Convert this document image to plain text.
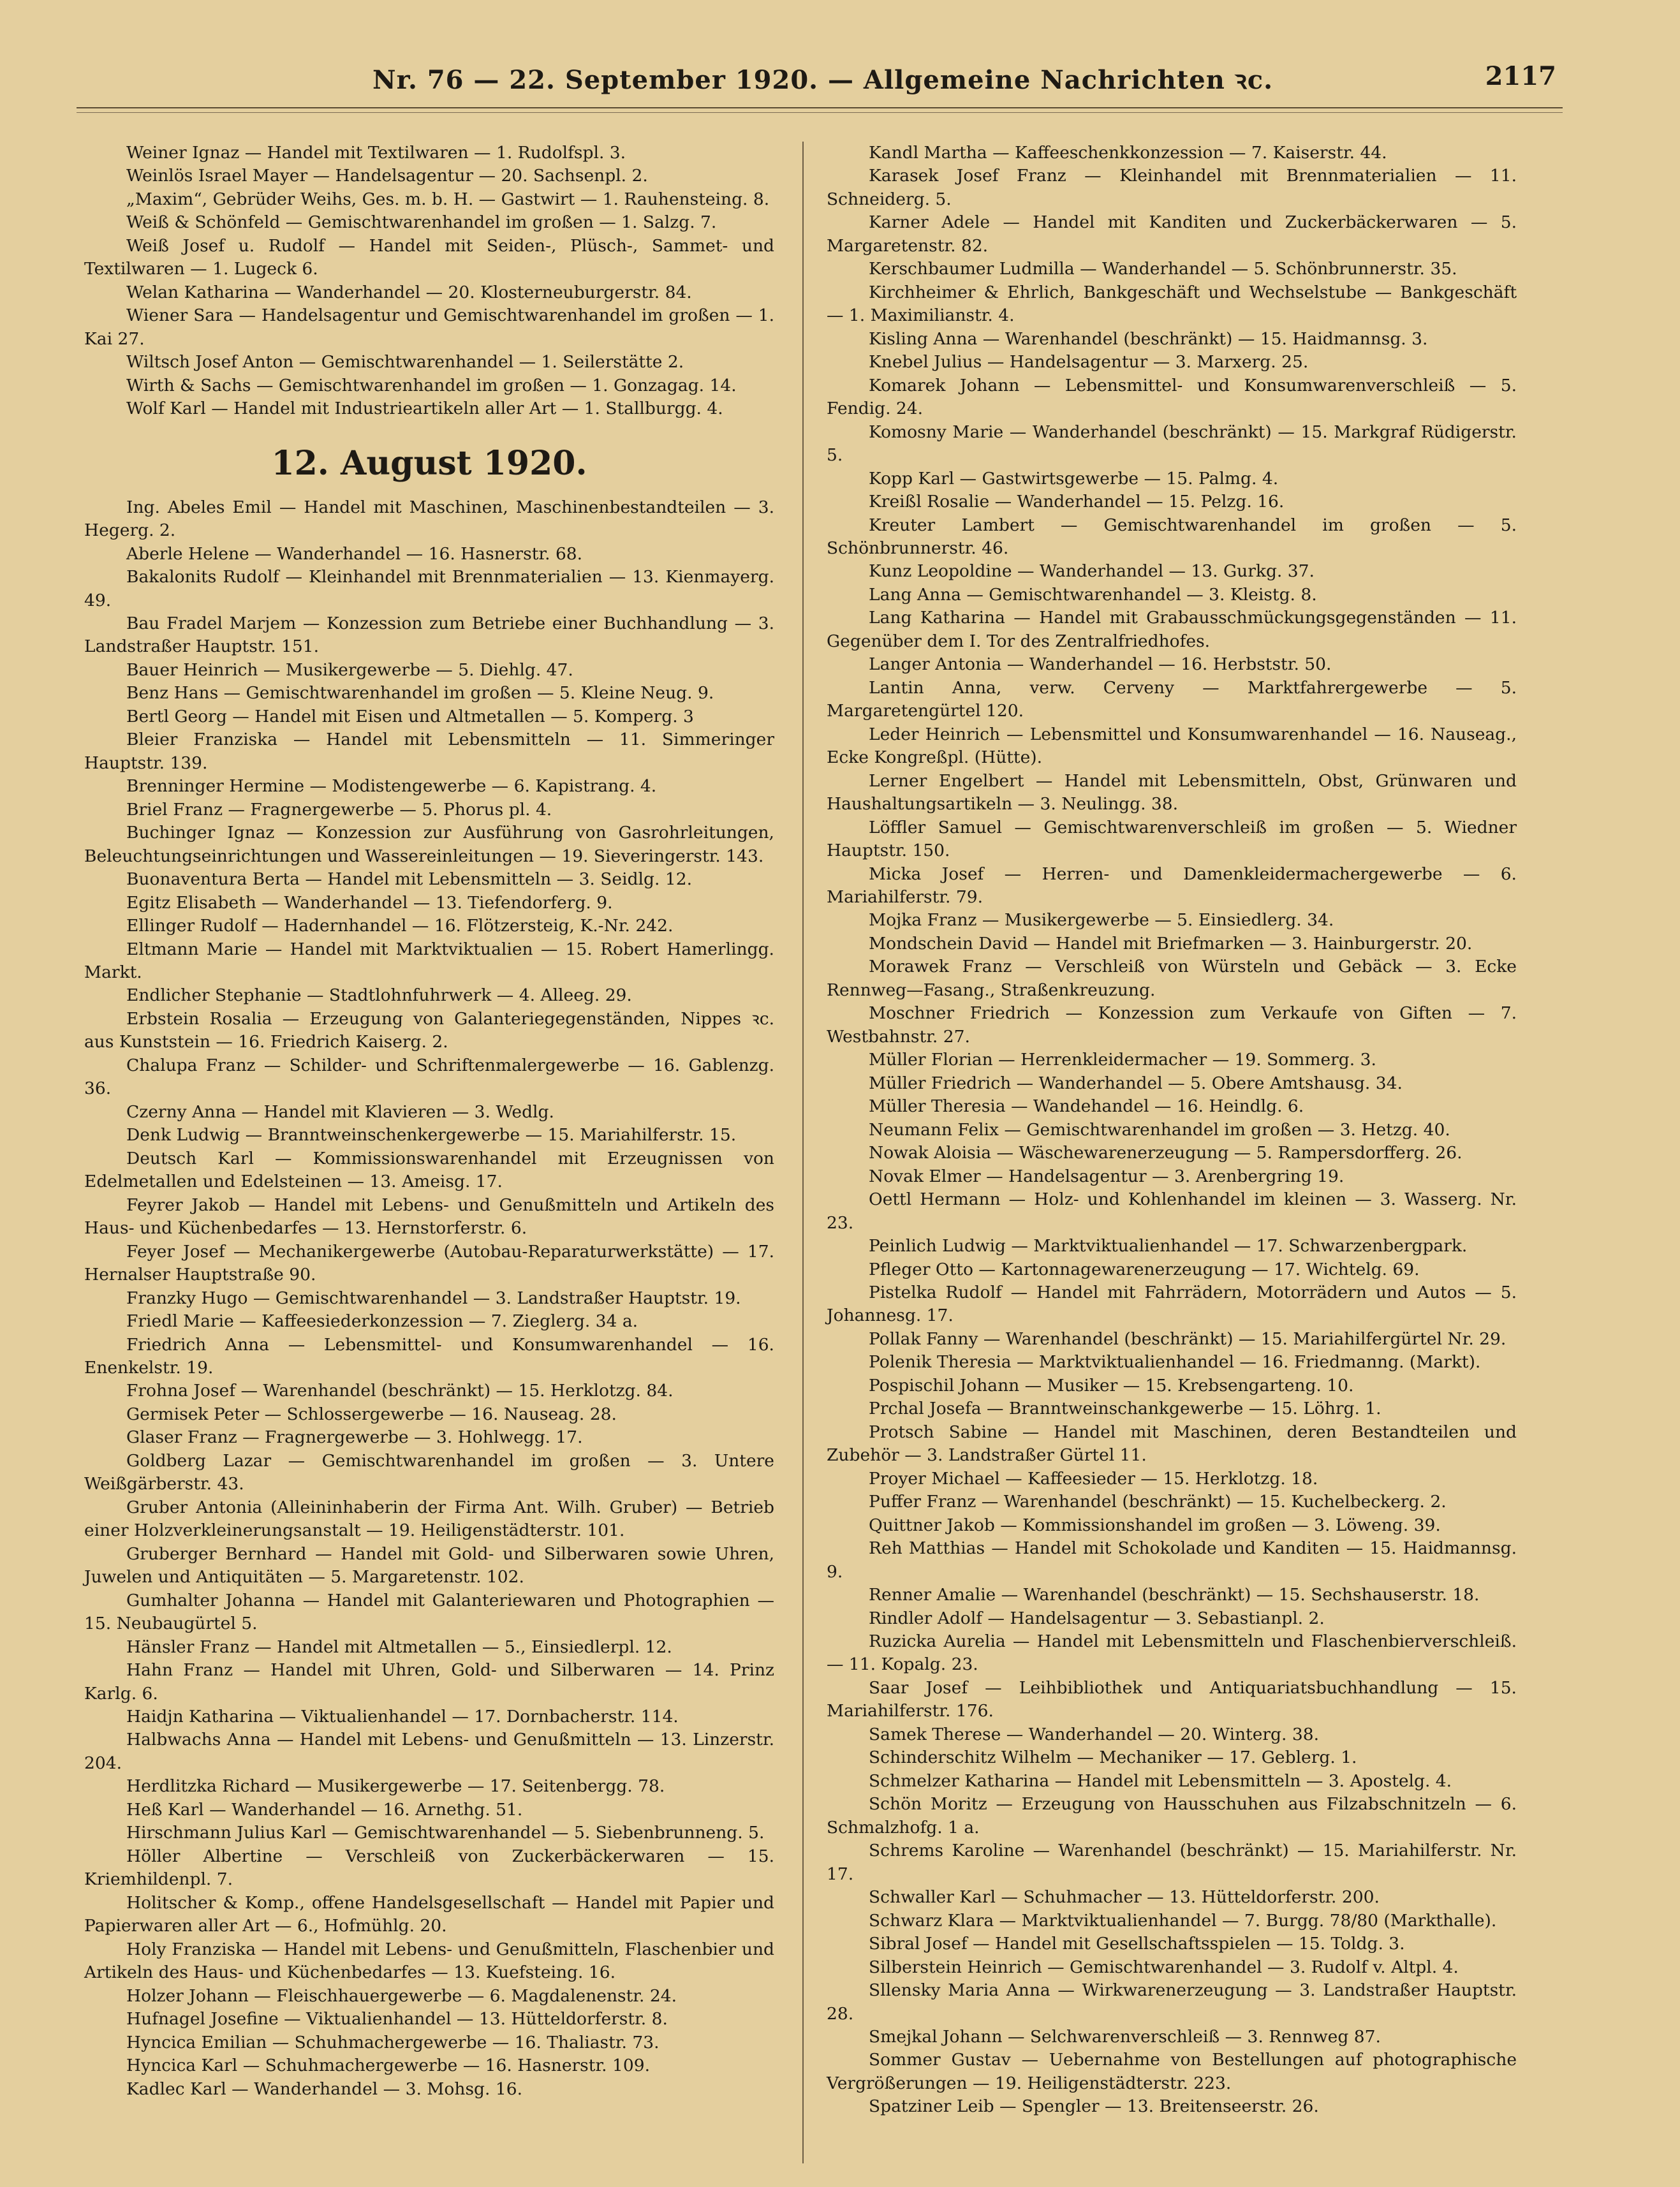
Nr. 76 — 22. September 1920. — Allgemeine Nachrichten ꝛc.	2117

Weiner Ignaz — Handel mit Textilwaren — 1. Rudolfspl. 3.

Weinlös Israel Mayer — Handelsagentur — 20. Sachsenpl. 2.

„Maxim“, Gebrüder Weihs, Ges. m. b. H. — Gastwirt — 1. Rauhensteing. 8.

Weiß & Schönfeld — Gemischtwarenhandel im großen — 1. Salzg. 7.

Weiß Josef u. Rudolf — Handel mit Seiden-, Plüsch-, Sammet- und Textilwaren — 1. Lugeck 6.

Welan Katharina — Wanderhandel — 20. Klosterneuburgerstr. 84.

Wiener Sara — Handelsagentur und Gemischtwarenhandel im großen — 1. Kai 27.

Wiltsch Josef Anton — Gemischtwarenhandel — 1. Seilerstätte 2.

Wirth & Sachs — Gemischtwarenhandel im großen — 1. Gonzagag. 14.

Wolf Karl — Handel mit Industrieartikeln aller Art — 1. Stallburgg. 4.

12. August 1920.

Ing. Abeles Emil — Handel mit Maschinen, Maschinenbestandteilen — 3. Hegerg. 2.

Aberle Helene — Wanderhandel — 16. Hasnerstr. 68.

Bakalonits Rudolf — Kleinhandel mit Brennmaterialien — 13. Kienmayerg. 49.

Bau Fradel Marjem — Konzession zum Betriebe einer Buchhandlung — 3. Landstraßer Hauptstr. 151.

Bauer Heinrich — Musikergewerbe — 5. Diehlg. 47.

Benz Hans — Gemischtwarenhandel im großen — 5. Kleine Neug. 9.

Bertl Georg — Handel mit Eisen und Altmetallen — 5. Komperg. 3

Bleier Franziska — Handel mit Lebensmitteln — 11. Simmeringer Hauptstr. 139.

Brenninger Hermine — Modistengewerbe — 6. Kapistrang. 4.

Briel Franz — Fragnergewerbe — 5. Phorus pl. 4.

Buchinger Ignaz — Konzession zur Ausführung von Gasrohrleitungen, Beleuchtungseinrichtungen und Wassereinleitungen — 19. Sieveringerstr. 143.

Buonaventura Berta — Handel mit Lebensmitteln — 3. Seidlg. 12.

Egitz Elisabeth — Wanderhandel — 13. Tiefendorferg. 9.

Ellinger Rudolf — Hadernhandel — 16. Flötzersteig, K.-Nr. 242.

Eltmann Marie — Handel mit Marktviktualien — 15. Robert Hamerlingg. Markt.

Endlicher Stephanie — Stadtlohnfuhrwerk — 4. Alleeg. 29.

Erbstein Rosalia — Erzeugung von Galanteriegegenständen, Nippes ꝛc. aus Kunststein — 16. Friedrich Kaiserg. 2.

Chalupa Franz — Schilder- und Schriftenmalergewerbe — 16. Gablenzg. 36.

Czerny Anna — Handel mit Klavieren — 3. Wedlg.

Denk Ludwig — Branntweinschenkergewerbe — 15. Mariahilferstr. 15.

Deutsch Karl — Kommissionswarenhandel mit Erzeugnissen von Edelmetallen und Edelsteinen — 13. Ameisg. 17.

Feyrer Jakob — Handel mit Lebens- und Genußmitteln und Artikeln des Haus- und Küchenbedarfes — 13. Hernstorferstr. 6.

Feyer Josef — Mechanikergewerbe (Autobau-Reparaturwerkstätte) — 17. Hernalser Hauptstraße 90.

Franzky Hugo — Gemischtwarenhandel — 3. Landstraßer Hauptstr. 19.

Friedl Marie — Kaffeesiederkonzession — 7. Zieglerg. 34 a.

Friedrich Anna — Lebensmittel- und Konsumwarenhandel — 16. Enenkelstr. 19.

Frohna Josef — Warenhandel (beschränkt) — 15. Herklotzg. 84.

Germisek Peter — Schlossergewerbe — 16. Nauseag. 28.

Glaser Franz — Fragnergewerbe — 3. Hohlwegg. 17.

Goldberg Lazar — Gemischtwarenhandel im großen — 3. Untere Weißgärberstr. 43.

Gruber Antonia (Alleininhaberin der Firma Ant. Wilh. Gruber) — Betrieb einer Holzverkleinerungsanstalt — 19. Heiligenstädterstr. 101.

Gruberger Bernhard — Handel mit Gold- und Silberwaren sowie Uhren, Juwelen und Antiquitäten — 5. Margaretenstr. 102.

Gumhalter Johanna — Handel mit Galanteriewaren und Photographien — 15. Neubaugürtel 5.

Hänsler Franz — Handel mit Altmetallen — 5., Einsiedlerpl. 12.

Hahn Franz — Handel mit Uhren, Gold- und Silberwaren — 14. Prinz Karlg. 6.

Haidjn Katharina — Viktualienhandel — 17. Dornbacherstr. 114.

Halbwachs Anna — Handel mit Lebens- und Genußmitteln — 13. Linzerstr. 204.

Herdlitzka Richard — Musikergewerbe — 17. Seitenbergg. 78.

Heß Karl — Wanderhandel — 16. Arnethg. 51.

Hirschmann Julius Karl — Gemischtwarenhandel — 5. Siebenbrunneng. 5.

Höller Albertine — Verschleiß von Zuckerbäckerwaren — 15. Kriemhildenpl. 7.

Holitscher & Komp., offene Handelsgesellschaft — Handel mit Papier und Papierwaren aller Art — 6., Hofmühlg. 20.

Holy Franziska — Handel mit Lebens- und Genußmitteln, Flaschenbier und Artikeln des Haus- und Küchenbedarfes — 13. Kuefsteing. 16.

Holzer Johann — Fleischhauergewerbe — 6. Magdalenenstr. 24.

Hufnagel Josefine — Viktualienhandel — 13. Hütteldorferstr. 8.

Hyncica Emilian — Schuhmachergewerbe — 16. Thaliastr. 73.

Hyncica Karl — Schuhmachergewerbe — 16. Hasnerstr. 109.

Kadlec Karl — Wanderhandel — 3. Mohsg. 16.

Kandl Martha — Kaffeeschenkkonzession — 7. Kaiserstr. 44.

Karasek Josef Franz — Kleinhandel mit Brennmaterialien — 11. Schneiderg. 5.

Karner Adele — Handel mit Kanditen und Zuckerbäckerwaren — 5. Margaretenstr. 82.

Kerschbaumer Ludmilla — Wanderhandel — 5. Schönbrunnerstr. 35.

Kirchheimer & Ehrlich, Bankgeschäft und Wechselstube — Bankgeschäft — 1. Maximilianstr. 4.

Kisling Anna — Warenhandel (beschränkt) — 15. Haidmannsg. 3.

Knebel Julius — Handelsagentur — 3. Marxerg. 25.

Komarek Johann — Lebensmittel- und Konsumwarenverschleiß — 5. Fendig. 24.

Komosny Marie — Wanderhandel (beschränkt) — 15. Markgraf Rüdigerstr. 5.

Kopp Karl — Gastwirtsgewerbe — 15. Palmg. 4.

Kreißl Rosalie — Wanderhandel — 15. Pelzg. 16.

Kreuter Lambert — Gemischtwarenhandel im großen — 5. Schönbrunnerstr. 46.

Kunz Leopoldine — Wanderhandel — 13. Gurkg. 37.

Lang Anna — Gemischtwarenhandel — 3. Kleistg. 8.

Lang Katharina — Handel mit Grabausschmückungsgegenständen — 11. Gegenüber dem I. Tor des Zentralfriedhofes.

Langer Antonia — Wanderhandel — 16. Herbststr. 50.

Lantin Anna, verw. Cerveny — Marktfahrergewerbe — 5. Margaretengürtel 120.

Leder Heinrich — Lebensmittel und Konsumwarenhandel — 16. Nauseag., Ecke Kongreßpl. (Hütte).

Lerner Engelbert — Handel mit Lebensmitteln, Obst, Grünwaren und Haushaltungsartikeln — 3. Neulingg. 38.

Löffler Samuel — Gemischtwarenverschleiß im großen — 5. Wiedner Hauptstr. 150.

Micka Josef — Herren- und Damenkleidermachergewerbe — 6. Mariahilferstr. 79.

Mojka Franz — Musikergewerbe — 5. Einsiedlerg. 34.

Mondschein David — Handel mit Briefmarken — 3. Hainburgerstr. 20.

Morawek Franz — Verschleiß von Würsteln und Gebäck — 3. Ecke Rennweg—Fasang., Straßenkreuzung.

Moschner Friedrich — Konzession zum Verkaufe von Giften — 7. Westbahnstr. 27.

Müller Florian — Herrenkleidermacher — 19. Sommerg. 3.

Müller Friedrich — Wanderhandel — 5. Obere Amtshausg. 34.

Müller Theresia — Wandehandel — 16. Heindlg. 6.

Neumann Felix — Gemischtwarenhandel im großen — 3. Hetzg. 40.

Nowak Aloisia — Wäschewarenerzeugung — 5. Rampersdorfferg. 26.

Novak Elmer — Handelsagentur — 3. Arenbergring 19.

Oettl Hermann — Holz- und Kohlenhandel im kleinen — 3. Wasserg. Nr. 23.

Peinlich Ludwig — Marktviktualienhandel — 17. Schwarzenbergpark.

Pfleger Otto — Kartonnagewarenerzeugung — 17. Wichtelg. 69.

Pistelka Rudolf — Handel mit Fahrrädern, Motorrädern und Autos — 5. Johannesg. 17.

Pollak Fanny — Warenhandel (beschränkt) — 15. Mariahilfergürtel Nr. 29.

Polenik Theresia — Marktviktualienhandel — 16. Friedmanng. (Markt).

Pospischil Johann — Musiker — 15. Krebsengarteng. 10.

Prchal Josefa — Branntweinschankgewerbe — 15. Löhrg. 1.

Protsch Sabine — Handel mit Maschinen, deren Bestandteilen und Zubehör — 3. Landstraßer Gürtel 11.

Proyer Michael — Kaffeesieder — 15. Herklotzg. 18.

Puffer Franz — Warenhandel (beschränkt) — 15. Kuchelbeckerg. 2.

Quittner Jakob — Kommissionshandel im großen — 3. Löweng. 39.

Reh Matthias — Handel mit Schokolade und Kanditen — 15. Haidmannsg. 9.

Renner Amalie — Warenhandel (beschränkt) — 15. Sechshauserstr. 18.

Rindler Adolf — Handelsagentur — 3. Sebastianpl. 2.

Ruzicka Aurelia — Handel mit Lebensmitteln und Flaschenbierverschleiß. — 11. Kopalg. 23.

Saar Josef — Leihbibliothek und Antiquariatsbuchhandlung — 15. Mariahilferstr. 176.

Samek Therese — Wanderhandel — 20. Winterg. 38.

Schinderschitz Wilhelm — Mechaniker — 17. Geblerg. 1.

Schmelzer Katharina — Handel mit Lebensmitteln — 3. Apostelg. 4.

Schön Moritz — Erzeugung von Hausschuhen aus Filzabschnitzeln — 6. Schmalzhofg. 1 a.

Schrems Karoline — Warenhandel (beschränkt) — 15. Mariahilferstr. Nr. 17.

Schwaller Karl — Schuhmacher — 13. Hütteldorferstr. 200.

Schwarz Klara — Marktviktualienhandel — 7. Burgg. 78/80 (Markthalle).

Sibral Josef — Handel mit Gesellschaftsspielen — 15. Toldg. 3.

Silberstein Heinrich — Gemischtwarenhandel — 3. Rudolf v. Altpl. 4.

Sllensky Maria Anna — Wirkwarenerzeugung — 3. Landstraßer Hauptstr. 28.

Smejkal Johann — Selchwarenverschleiß — 3. Rennweg 87.

Sommer Gustav — Uebernahme von Bestellungen auf photographische Vergrößerungen — 19. Heiligenstädterstr. 223.

Spatziner Leib — Spengler — 13. Breitenseerstr. 26.
